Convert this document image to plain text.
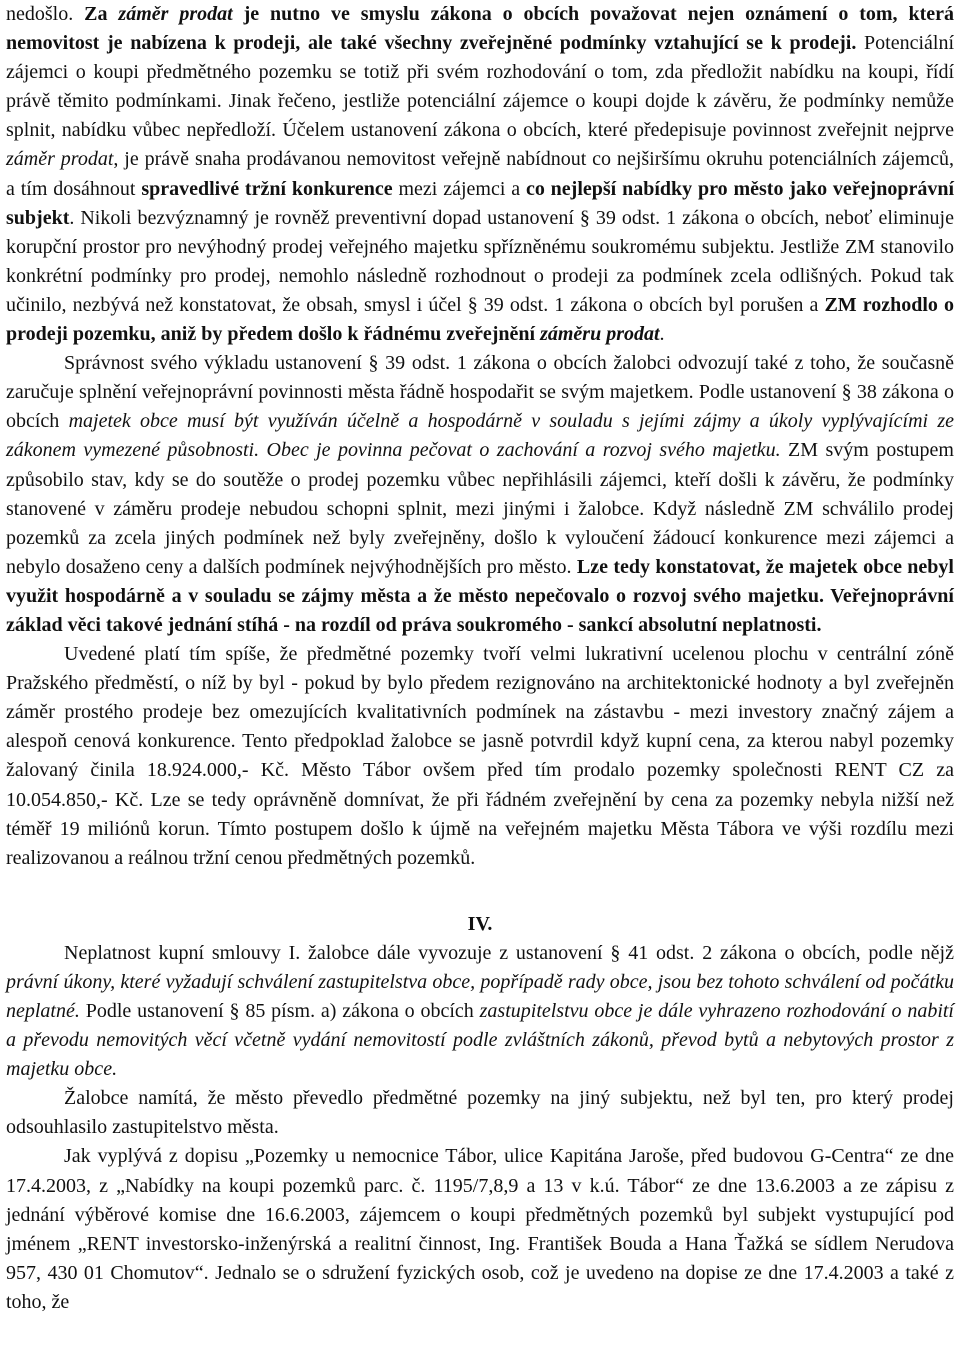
nedošlo. Za záměr prodat je nutno ve smyslu zákona o obcích považovat nejen oznámení o tom, která nemovitost je nabízena k prodeji, ale také všechny zveřejněné podmínky vztahující se k prodeji. Potenciální zájemci o koupi předmětného pozemku se totiž při svém rozhodování o tom, zda předložit nabídku na koupi, řídí právě těmito podmínkami. Jinak řečeno, jestliže potenciální zájemce o koupi dojde k závěru, že podmínky nemůže splnit, nabídku vůbec nepředloží. Účelem ustanovení zákona o obcích, které předepisuje povinnost zveřejnit nejprve záměr prodat, je právě snaha prodávanou nemovitost veřejně nabídnout co nejširšímu okruhu potenciálních zájemců, a tím dosáhnout spravedlivé tržní konkurence mezi zájemci a co nejlepší nabídky pro město jako veřejnoprávní subjekt. Nikoli bezvýznamný je rovněž preventivní dopad ustanovení § 39 odst. 1 zákona o obcích, neboť eliminuje korupční prostor pro nevýhodný prodej veřejného majetku spřízněnému soukromému subjektu. Jestliže ZM stanovilo konkrétní podmínky pro prodej, nemohlo následně rozhodnout o prodeji za podmínek zcela odlišných. Pokud tak učinilo, nezbývá než konstatovat, že obsah, smysl i účel § 39 odst. 1 zákona o obcích byl porušen a ZM rozhodlo o prodeji pozemku, aniž by předem došlo k řádnému zveřejnění záměru prodat.

Správnost svého výkladu ustanovení § 39 odst. 1 zákona o obcích žalobci odvozují také z toho, že současně zaručuje splnění veřejnoprávní povinnosti města řádně hospodařit se svým majetkem. Podle ustanovení § 38 zákona o obcích majetek obce musí být využíván účelně a hospodárně v souladu s jejími zájmy a úkoly vyplývajícími ze zákonem vymezené působnosti. Obec je povinna pečovat o zachování a rozvoj svého majetku. ZM svým postupem způsobilo stav, kdy se do soutěže o prodej pozemku vůbec nepřihlásili zájemci, kteří došli k závěru, že podmínky stanovené v záměru prodeje nebudou schopni splnit, mezi jinými i žalobce. Když následně ZM schválilo prodej pozemků za zcela jiných podmínek než byly zveřejněny, došlo k vyloučení žádoucí konkurence mezi zájemci a nebylo dosaženo ceny a dalších podmínek nejvýhodnějších pro město. Lze tedy konstatovat, že majetek obce nebyl využit hospodárně a v souladu se zájmy města a že město nepečovalo o rozvoj svého majetku. Veřejnoprávní základ věci takové jednání stíhá - na rozdíl od práva soukromého - sankcí absolutní neplatnosti.

Uvedené platí tím spíše, že předmětné pozemky tvoří velmi lukrativní ucelenou plochu v centrální zóně Pražského předměstí, o níž by byl - pokud by bylo předem rezignováno na architektonické hodnoty a byl zveřejněn záměr prostého prodeje bez omezujících kvalitativních podmínek na zástavbu - mezi investory značný zájem a alespoň cenová konkurence. Tento předpoklad žalobce se jasně potvrdil když kupní cena, za kterou nabyl pozemky žalovaný činila 18.924.000,- Kč. Město Tábor ovšem před tím prodalo pozemky společnosti RENT CZ za 10.054.850,- Kč. Lze se tedy oprávněně domnívat, že při řádném zveřejnění by cena za pozemky nebyla nižší než téměř 19 miliónů korun. Tímto postupem došlo k újmě na veřejném majetku Města Tábora ve výši rozdílu mezi realizovanou a reálnou tržní cenou předmětných pozemků.

IV.

Neplatnost kupní smlouvy I. žalobce dále vyvozuje z ustanovení § 41 odst. 2 zákona o obcích, podle nějž právní úkony, které vyžadují schválení zastupitelstva obce, popřípadě rady obce, jsou bez tohoto schválení od počátku neplatné. Podle ustanovení § 85 písm. a) zákona o obcích zastupitelstvu obce je dále vyhrazeno rozhodování o nabití a převodu nemovitých věcí včetně vydání nemovitostí podle zvláštních zákonů, převod bytů a nebytových prostor z majetku obce.

Žalobce namítá, že město převedlo předmětné pozemky na jiný subjektu, než byl ten, pro který prodej odsouhlasilo zastupitelstvo města.

Jak vyplývá z dopisu „Pozemky u nemocnice Tábor, ulice Kapitána Jaroše, před budovou G-Centra“ ze dne 17.4.2003, z „Nabídky na koupi pozemků parc. č. 1195/7,8,9 a 13 v k.ú. Tábor“ ze dne 13.6.2003 a ze zápisu z jednání výběrové komise dne 16.6.2003, zájemcem o koupi předmětných pozemků byl subjekt vystupující pod jménem „RENT investorsko-inženýrská a realitní činnost, Ing. František Bouda a Hana Ťažká se sídlem Nerudova 957, 430 01 Chomutov“. Jednalo se o sdružení fyzických osob, což je uvedeno na dopise ze dne 17.4.2003 a také z toho, že
